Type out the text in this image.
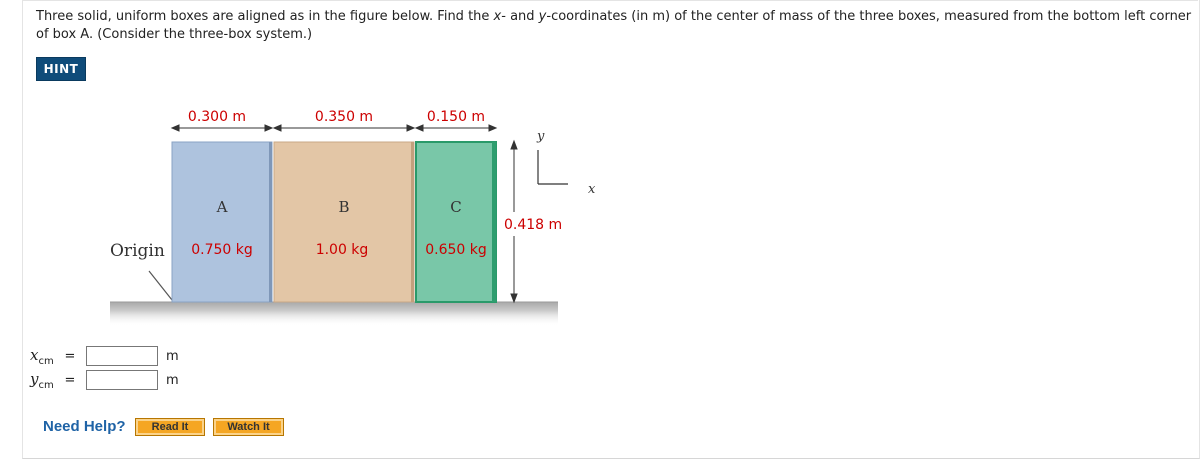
Three solid, uniform boxes are aligned as in the figure below. Find the x- and y-coordinates (in m) of the center of mass of the three boxes, measured from the bottom left corner of box A. (Consider the three-box system.)
HINT
Origin
A
0.750 kg
B
1.00 kg
C
0.650 kg
0.300 m	0.350 m	0.150 m
0.418 m
y
x
$x_{cm}$ =	m
$y_{cm}$ =	m
Need Help?	Read It	Watch It
